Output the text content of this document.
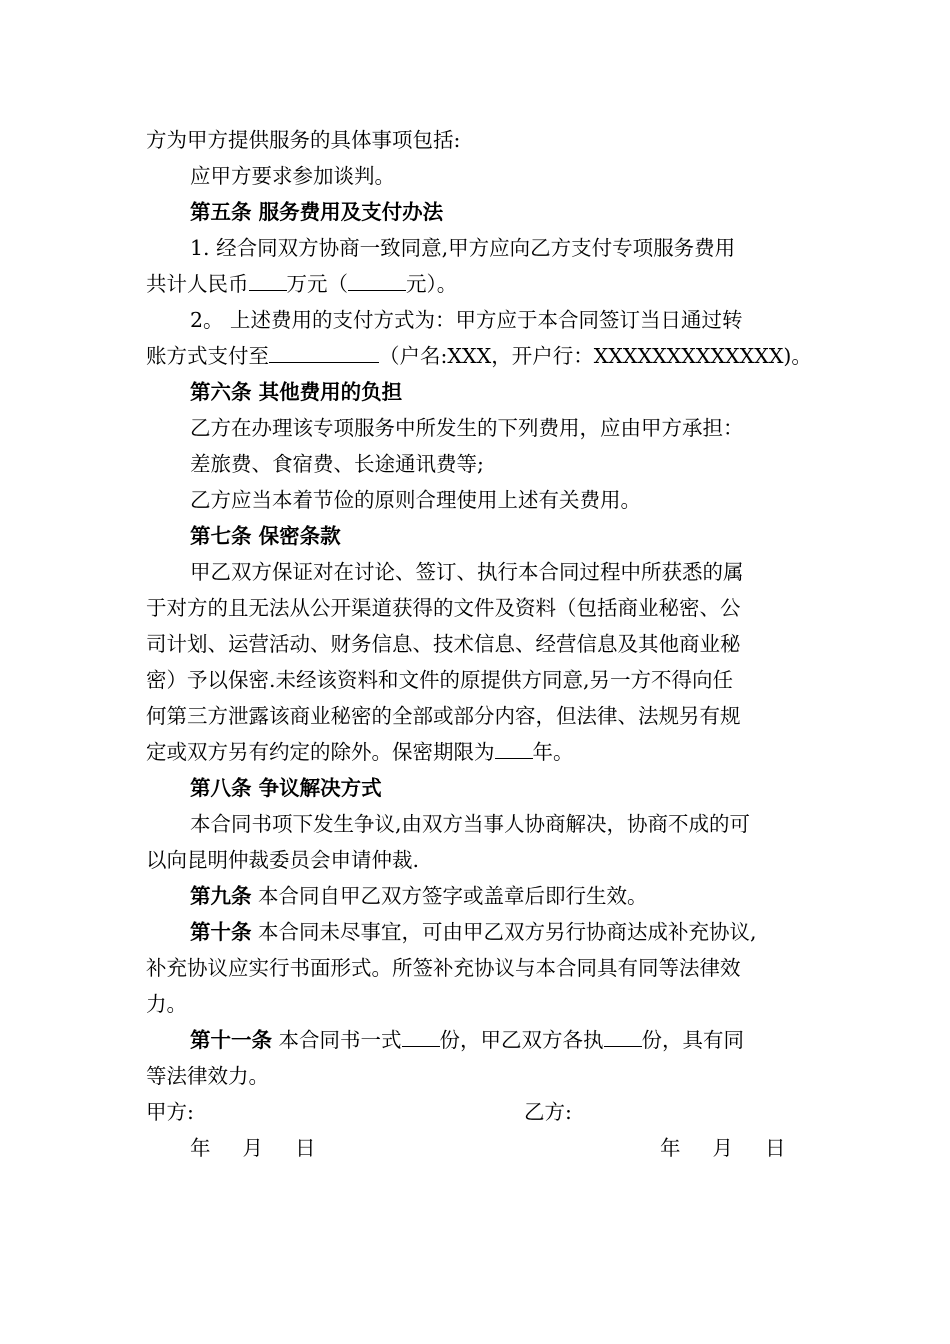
方为甲方提供服务的具体事项包括:
应甲方要求参加谈判。
第五条 服务费用及支付办法
1. 经合同双方协商一致同意,甲方应向乙方支付专项服务费用
共计人民币 万元（	元）。
2。 上述费用的支付方式为：甲方应于本合同签订当日通过转
账方式支付至	（户名:XXX，开户行：XXXXXXXXXXXXX)。
第六条 其他费用的负担
乙方在办理该专项服务中所发生的下列费用，应由甲方承担：
差旅费、食宿费、长途通讯费等;
乙方应当本着节俭的原则合理使用上述有关费用。
第七条 保密条款
甲乙双方保证对在讨论、签订、执行本合同过程中所获悉的属
于对方的且无法从公开渠道获得的文件及资料（包括商业秘密、公
司计划、运营活动、财务信息、技术信息、经营信息及其他商业秘
密）予以保密.未经该资料和文件的原提供方同意,另一方不得向任
何第三方泄露该商业秘密的全部或部分内容，但法律、法规另有规
定或双方另有约定的除外。保密期限为 年。
第八条 争议解决方式
本合同书项下发生争议,由双方当事人协商解决，协商不成的可
以向昆明仲裁委员会申请仲裁.
第九条 本合同自甲乙双方签字或盖章后即行生效。
第十条 本合同未尽事宜，可由甲乙双方另行协商达成补充协议,
补充协议应实行书面形式。所签补充协议与本合同具有同等法律效
力。
第十一条 本合同书一式 份，甲乙双方各执 份，具有同
等法律效力。
甲方:	乙方:
年 月 日	年 月 日
